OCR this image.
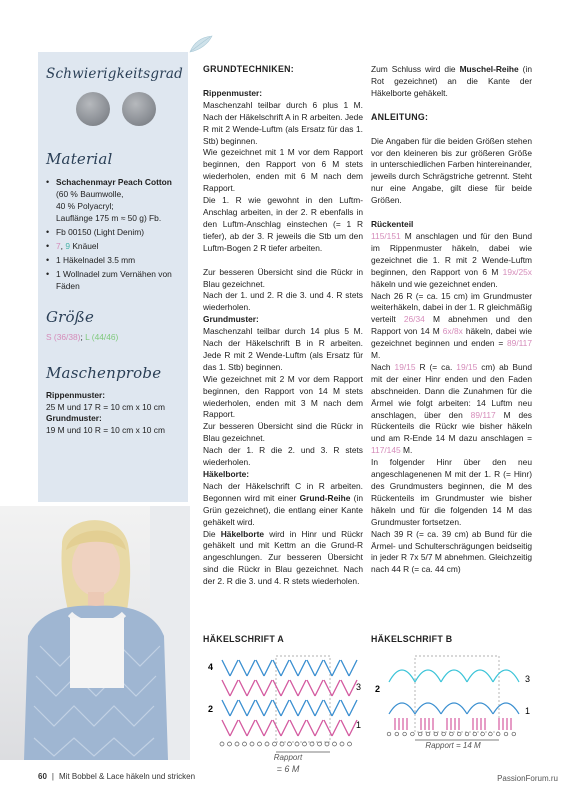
Schwierigkeitsgrad
Material
• Schachenmayr Peach Cotton
(60 % Baumwolle,
40 % Polyacryl;
Lauflänge 175 m ≈ 50 g) Fb.
• Fb 00150 (Light Denim)
• 7, 9 Knäuel
• 1 Häkelnadel 3.5 mm
• 1 Wollnadel zum Vernähen von Fäden
Größe
S (36/38); L (44/46)
Maschenprobe
Rippenmuster:
25 M und 17 R = 10 cm x 10 cm
Grundmuster:
19 M und 10 R = 10 cm x 10 cm

GRUNDTECHNIKEN:

Rippenmuster:

Maschenzahl teilbar durch 6 plus 1 M. Nach der Häkelschrift A in R arbeiten. Jede R mit 2 Wende-Luftm (als Ersatz für das 1. Stb) beginnen.

Wie gezeichnet mit 1 M vor dem Rapport beginnen, den Rapport von 6 M stets wiederholen, enden mit 6 M nach dem Rapport.

Die 1. R wie gewohnt in den Luftm-Anschlag arbeiten, in der 2. R ebenfalls in den Luftm-Anschlag einstechen (= 1 R tiefer), ab der 3. R jeweils die Stb um den Luftm-Bogen 2 R tiefer arbeiten.

Zur besseren Übersicht sind die Rückr in Blau gezeichnet.

Nach der 1. und 2. R die 3. und 4. R stets wiederholen.

Grundmuster:

Maschenzahl teilbar durch 14 plus 5 M. Nach der Häkelschrift B in R arbeiten. Jede R mit 2 Wende-Luftm (als Ersatz für das 1. Stb) beginnen.

Wie gezeichnet mit 2 M vor dem Rapport beginnen, den Rapport von 14 M stets wiederholen, enden mit 3 M nach dem Rapport.

Zur besseren Übersicht sind die Rückr in Blau gezeichnet.

Nach der 1. R die 2. und 3. R stets wiederholen.

Häkelborte:

Nach der Häkelschrift C in R arbeiten. Begonnen wird mit einer Grund-Reihe (in Grün gezeichnet), die entlang einer Kante gehäkelt wird.

Die Häkelborte wird in Hinr und Rückr gehäkelt und mit Kettm an die Grund-R angeschlungen. Zur besseren Übersicht sind die Rückr in Blau gezeichnet. Nach der 2. R die 3. und 4. R stets wiederholen.

Zum Schluss wird die Muschel-Reihe (in Rot gezeichnet) an die Kante der Häkelborte gehäkelt.

ANLEITUNG:

Die Angaben für die beiden Größen stehen vor den kleineren bis zur größeren Größe in unterschiedlichen Farben hintereinander, jeweils durch Schrägstriche getrennt. Steht nur eine Angabe, gilt diese für beide Größen.

Rückenteil

115/151 M anschlagen und für den Bund im Rippenmuster häkeln, dabei wie gezeichnet die 1. R mit 2 Wende-Luftm beginnen, den Rapport von 6 M 19x/25x häkeln und wie gezeichnet enden.

Nach 26 R (= ca. 15 cm) im Grundmuster weiterhäkeln, dabei in der 1. R gleichmäßig verteilt 26/34 M abnehmen und den Rapport von 14 M 6x/8x häkeln, dabei wie gezeichnet beginnen und enden = 89/117 M.

Nach 19/15 R (= ca. 19/15 cm) ab Bund mit der einer Hinr enden und den Faden abschneiden. Dann die Zunahmen für die Ärmel wie folgt arbeiten: 14 Luftm neu anschlagen, über den 89/117 M des Rückenteils die Rückr wie bisher häkeln und am R-Ende 14 M dazu anschlagen = 117/145 M.

In folgender Hinr über den neu angeschlagenenen M mit der 1. R (= Hinr) des Grundmusters beginnen, die M des Rückenteils im Grundmuster wie bisher häkeln und für die folgenden 14 M das Grundmuster fortsetzen.

Nach 39 R (= ca. 39 cm) ab Bund für die Ärmel- und Schulterschrägungen beidseitig in jeder R 7x 5/7 M abnehmen. Gleichzeitig nach 44 R (= ca. 44 cm)

HÄKELSCHRIFT A
4
2
3
1
Rapport
= 6 M
HÄKELSCHRIFT B
2
3
1
Rapport = 14 M
60 | Mit Bobbel & Lace häkeln und stricken	PassionForum.ru
